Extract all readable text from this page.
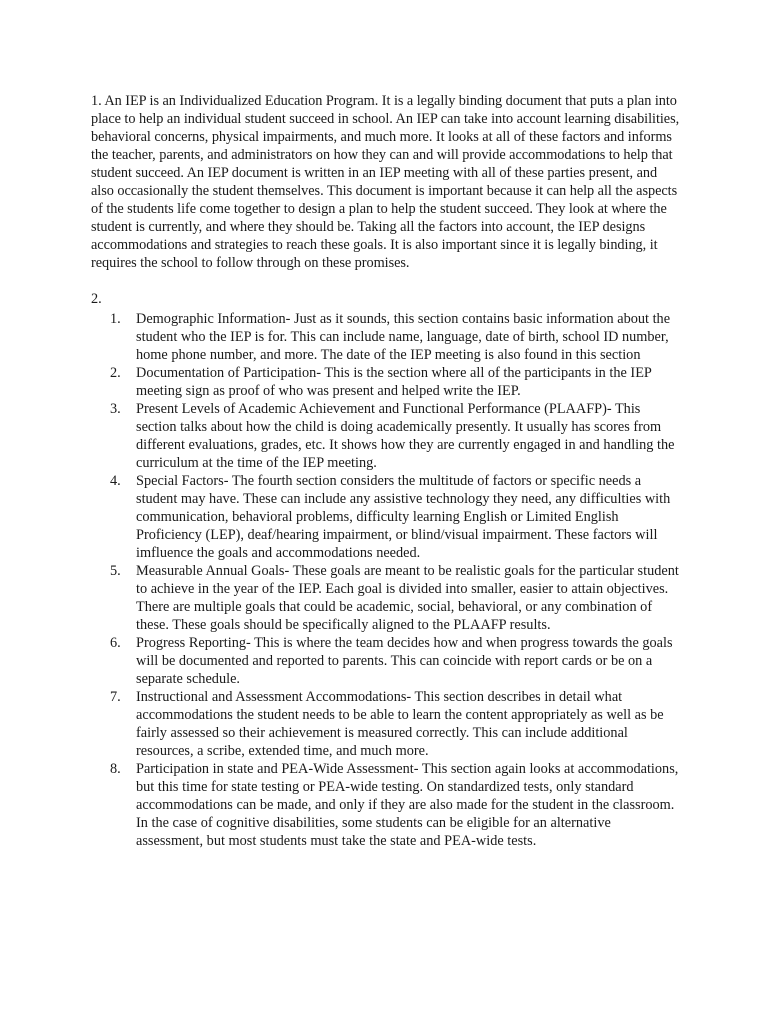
1. An IEP is an Individualized Education Program. It is a legally binding document that puts a plan into place to help an individual student succeed in school. An IEP can take into account learning disabilities, behavioral concerns, physical impairments, and much more. It looks at all of these factors and informs the teacher, parents, and administrators on how they can and will provide accommodations to help that student succeed. An IEP document is written in an IEP meeting with all of these parties present, and also occasionally the student themselves. This document is important because it can help all the aspects of the students life come together to design a plan to help the student succeed. They look at where the student is currently, and where they should be. Taking all the factors into account, the IEP designs accommodations and strategies to reach these goals. It is also important since it is legally binding, it requires the school to follow through on these promises.

2.

1. Demographic Information- Just as it sounds, this section contains basic information about the student who the IEP is for. This can include name, language, date of birth, school ID number, home phone number, and more. The date of the IEP meeting is also found in this section
2. Documentation of Participation- This is the section where all of the participants in the IEP meeting sign as proof of who was present and helped write the IEP.
3. Present Levels of Academic Achievement and Functional Performance (PLAAFP)- This section talks about how the child is doing academically presently. It usually has scores from different evaluations, grades, etc. It shows how they are currently engaged in and handling the curriculum at the time of the IEP meeting.
4. Special Factors- The fourth section considers the multitude of factors or specific needs a student may have. These can include any assistive technology they need, any difficulties with communication, behavioral problems, difficulty learning English or Limited English Proficiency (LEP), deaf/hearing impairment, or blind/visual impairment. These factors will imfluence the goals and accommodations needed.
5. Measurable Annual Goals- These goals are meant to be realistic goals for the particular student to achieve in the year of the IEP. Each goal is divided into smaller, easier to attain objectives. There are multiple goals that could be academic, social, behavioral, or any combination of these. These goals should be specifically aligned to the PLAAFP results.
6. Progress Reporting- This is where the team decides how and when progress towards the goals will be documented and reported to parents. This can coincide with report cards or be on a separate schedule.
7. Instructional and Assessment Accommodations- This section describes in detail what accommodations the student needs to be able to learn the content appropriately as well as be fairly assessed so their achievement is measured correctly. This can include additional resources, a scribe, extended time, and much more.
8. Participation in state and PEA-Wide Assessment- This section again looks at accommodations, but this time for state testing or PEA-wide testing. On standardized tests, only standard accommodations can be made, and only if they are also made for the student in the classroom. In the case of cognitive disabilities, some students can be eligible for an alternative assessment, but most students must take the state and PEA-wide tests.
